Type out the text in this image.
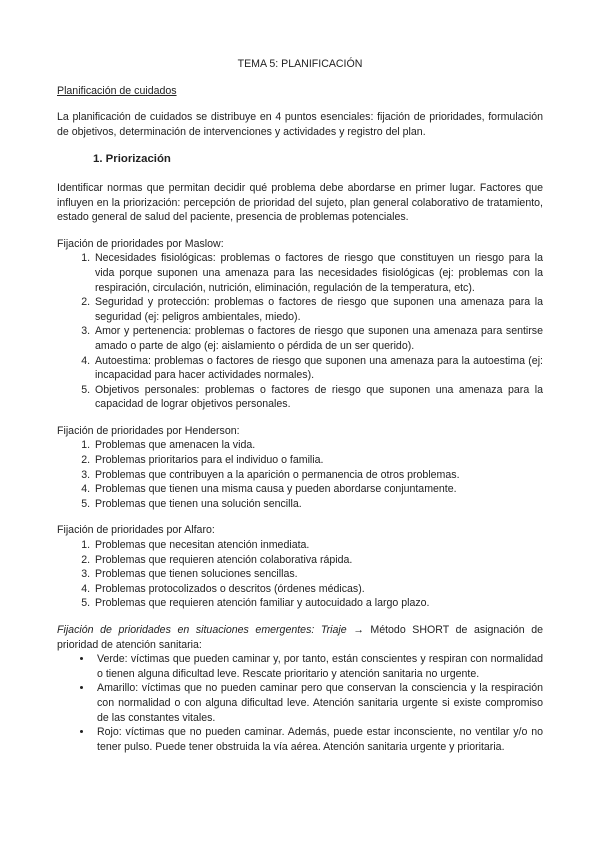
TEMA 5: PLANIFICACIÓN
Planificación de cuidados

La planificación de cuidados se distribuye en 4 puntos esenciales: fijación de prioridades, formulación de objetivos, determinación de intervenciones y actividades y registro del plan.

1. Priorización

Identificar normas que permitan decidir qué problema debe abordarse en primer lugar. Factores que influyen en la priorización: percepción de prioridad del sujeto, plan general colaborativo de tratamiento, estado general de salud del paciente, presencia de problemas potenciales.

Fijación de prioridades por Maslow:
1. Necesidades fisiológicas: problemas o factores de riesgo que constituyen un riesgo para la vida porque suponen una amenaza para las necesidades fisiológicas (ej: problemas con la respiración, circulación, nutrición, eliminación, regulación de la temperatura, etc).
2. Seguridad y protección: problemas o factores de riesgo que suponen una amenaza para la seguridad (ej: peligros ambientales, miedo).
3. Amor y pertenencia: problemas o factores de riesgo que suponen una amenaza para sentirse amado o parte de algo (ej: aislamiento o pérdida de un ser querido).
4. Autoestima: problemas o factores de riesgo que suponen una amenaza para la autoestima (ej: incapacidad para hacer actividades normales).
5. Objetivos personales: problemas o factores de riesgo que suponen una amenaza para la capacidad de lograr objetivos personales.
Fijación de prioridades por Henderson:
1. Problemas que amenacen la vida.
2. Problemas prioritarios para el individuo o familia.
3. Problemas que contribuyen a la aparición o permanencia de otros problemas.
4. Problemas que tienen una misma causa y pueden abordarse conjuntamente.
5. Problemas que tienen una solución sencilla.
Fijación de prioridades por Alfaro:
1. Problemas que necesitan atención inmediata.
2. Problemas que requieren atención colaborativa rápida.
3. Problemas que tienen soluciones sencillas.
4. Problemas protocolizados o descritos (órdenes médicas).
5. Problemas que requieren atención familiar y autocuidado a largo plazo.

Fijación de prioridades en situaciones emergentes: Triaje → Método SHORT de asignación de prioridad de atención sanitaria:

• Verde: víctimas que pueden caminar y, por tanto, están conscientes y respiran con normalidad o tienen alguna dificultad leve. Rescate prioritario y atención sanitaria no urgente.
• Amarillo: víctimas que no pueden caminar pero que conservan la consciencia y la respiración con normalidad o con alguna dificultad leve. Atención sanitaria urgente si existe compromiso de las constantes vitales.
• Rojo: víctimas que no pueden caminar. Además, puede estar inconsciente, no ventilar y/o no tener pulso. Puede tener obstruida la vía aérea. Atención sanitaria urgente y prioritaria.
